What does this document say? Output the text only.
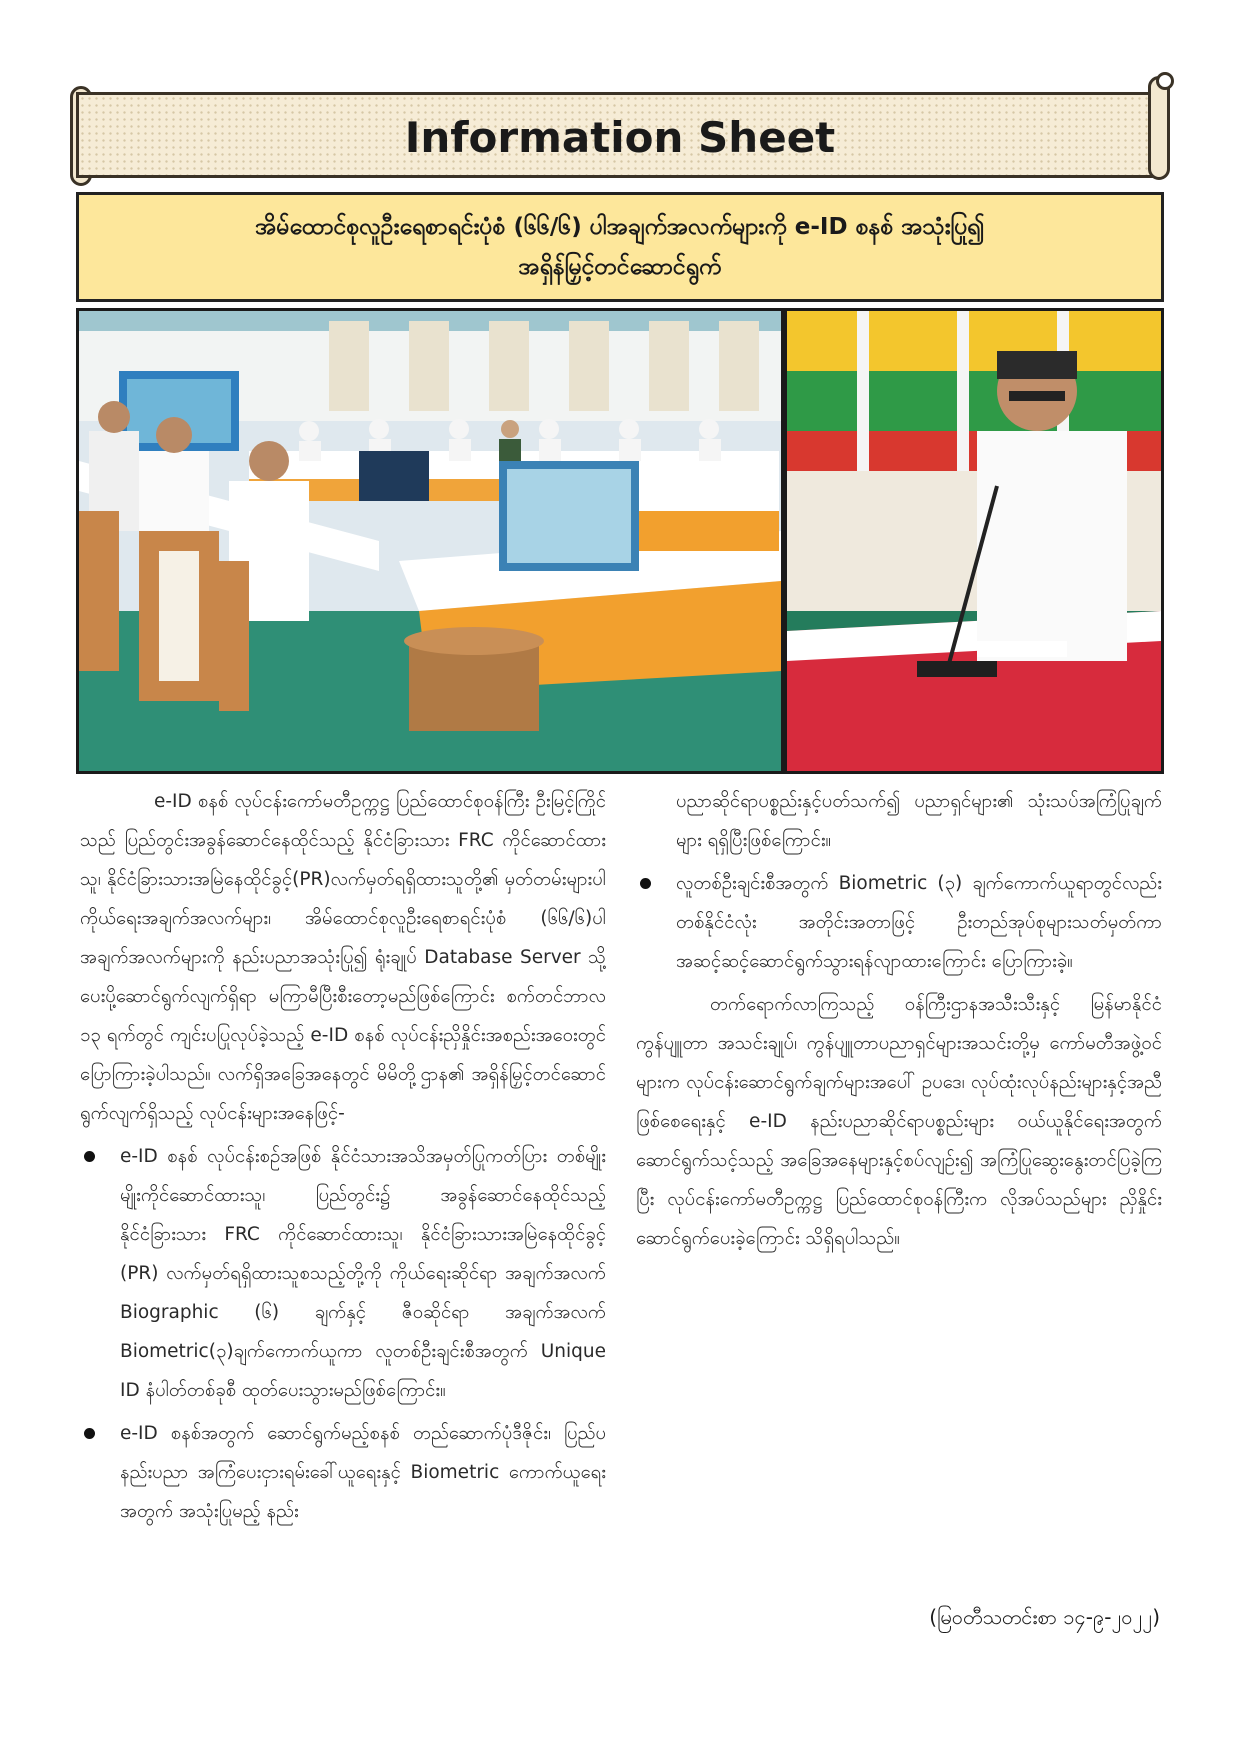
Information Sheet
အိမ်ထောင်စုလူဦးရေစာရင်းပုံစံ (၆၆/၆) ပါအချက်အလက်များကို e-ID စနစ် အသုံးပြု၍
အရှိန်မြှင့်တင်ဆောင်ရွက်

e-ID စနစ် လုပ်ငန်းကော်မတီဥက္ကဋ္ဌ ပြည်ထောင်စုဝန်ကြီး ဦးမြင့်ကြိုင်သည် ပြည်တွင်းအခွန်ဆောင်နေထိုင်သည့် နိုင်ငံခြားသား FRC ကိုင်ဆောင်ထားသူ၊ နိုင်ငံခြားသားအမြဲနေထိုင်ခွင့်(PR)လက်မှတ်ရရှိထားသူတို့၏ မှတ်တမ်းများပါ ကိုယ်ရေးအချက်အလက်များ၊ အိမ်ထောင်စုလူဦးရေစာရင်းပုံစံ (၆၆/၆)ပါ အချက်အလက်များကို နည်းပညာအသုံးပြု၍ ရုံးချုပ် Database Server သို့ ပေးပို့ဆောင်ရွက်လျက်ရှိရာ မကြာမီပြီးစီးတော့မည်ဖြစ်ကြောင်း စက်တင်ဘာလ ၁၃ ရက်တွင် ကျင်းပပြုလုပ်ခဲ့သည့် e-ID စနစ် လုပ်ငန်းညှိနှိုင်းအစည်းအဝေးတွင် ပြောကြားခဲ့ပါသည်။ လက်ရှိအခြေအနေတွင် မိမိတို့ဌာန၏ အရှိန်မြှင့်တင်ဆောင်ရွက်လျက်ရှိသည့် လုပ်ငန်းများအနေဖြင့်-

e-ID စနစ် လုပ်ငန်းစဉ်အဖြစ် နိုင်ငံသားအသိအမှတ်ပြုကတ်ပြား တစ်မျိုးမျိုးကိုင်ဆောင်ထားသူ၊ ပြည်တွင်း၌ အခွန်ဆောင်နေထိုင်သည့် နိုင်ငံခြားသား FRC ကိုင်ဆောင်ထားသူ၊ နိုင်ငံခြားသားအမြဲနေထိုင်ခွင့် (PR) လက်မှတ်ရရှိထားသူစသည့်တို့ကို ကိုယ်ရေးဆိုင်ရာ အချက်အလက် Biographic (၆) ချက်နှင့် ဇီဝဆိုင်ရာ အချက်အလက် Biometric(၃)ချက်ကောက်ယူကာ လူတစ်ဦးချင်းစီအတွက် Unique ID နံပါတ်တစ်ခုစီ ထုတ်ပေးသွားမည်ဖြစ်ကြောင်း။

e-ID စနစ်အတွက် ဆောင်ရွက်မည့်စနစ် တည်ဆောက်ပုံဒီဇိုင်း၊ ပြည်ပနည်းပညာ အကြံပေးငှားရမ်းခေါ်ယူရေးနှင့် Biometric ကောက်ယူရေးအတွက် အသုံးပြုမည့် နည်း

ပညာဆိုင်ရာပစ္စည်းနှင့်ပတ်သက်၍ ပညာရှင်များ၏ သုံးသပ်အကြံပြုချက်များ ရရှိပြီးဖြစ်ကြောင်း။

လူတစ်ဦးချင်းစီအတွက် Biometric (၃) ချက်ကောက်ယူရာတွင်လည်း တစ်နိုင်ငံလုံး အတိုင်းအတာဖြင့် ဦးတည်အုပ်စုများသတ်မှတ်ကာ အဆင့်ဆင့်ဆောင်ရွက်သွားရန်လျာထားကြောင်း ပြောကြားခဲ့။

တက်ရောက်လာကြသည့် ဝန်ကြီးဌာနအသီးသီးနှင့် မြန်မာနိုင်ငံကွန်ပျူတာ အသင်းချုပ်၊ ကွန်ပျူတာပညာရှင်များအသင်းတို့မှ ကော်မတီအဖွဲ့ဝင်များက လုပ်ငန်းဆောင်ရွက်ချက်များအပေါ် ဥပဒေ၊ လုပ်ထုံးလုပ်နည်းများနှင့်အညီ ဖြစ်စေရေးနှင့် e-ID နည်းပညာဆိုင်ရာပစ္စည်းများ ဝယ်ယူနိုင်ရေးအတွက် ဆောင်ရွက်သင့်သည့် အခြေအနေများနှင့်စပ်လျဉ်း၍ အကြံပြုဆွေးနွေးတင်ပြခဲ့ကြပြီး လုပ်ငန်းကော်မတီဥက္ကဋ္ဌ ပြည်ထောင်စုဝန်ကြီးက လိုအပ်သည်များ ညှိနှိုင်းဆောင်ရွက်ပေးခဲ့ကြောင်း သိရှိရပါသည်။

(မြဝတီသတင်းစာ ၁၄-၉-၂၀၂၂)
